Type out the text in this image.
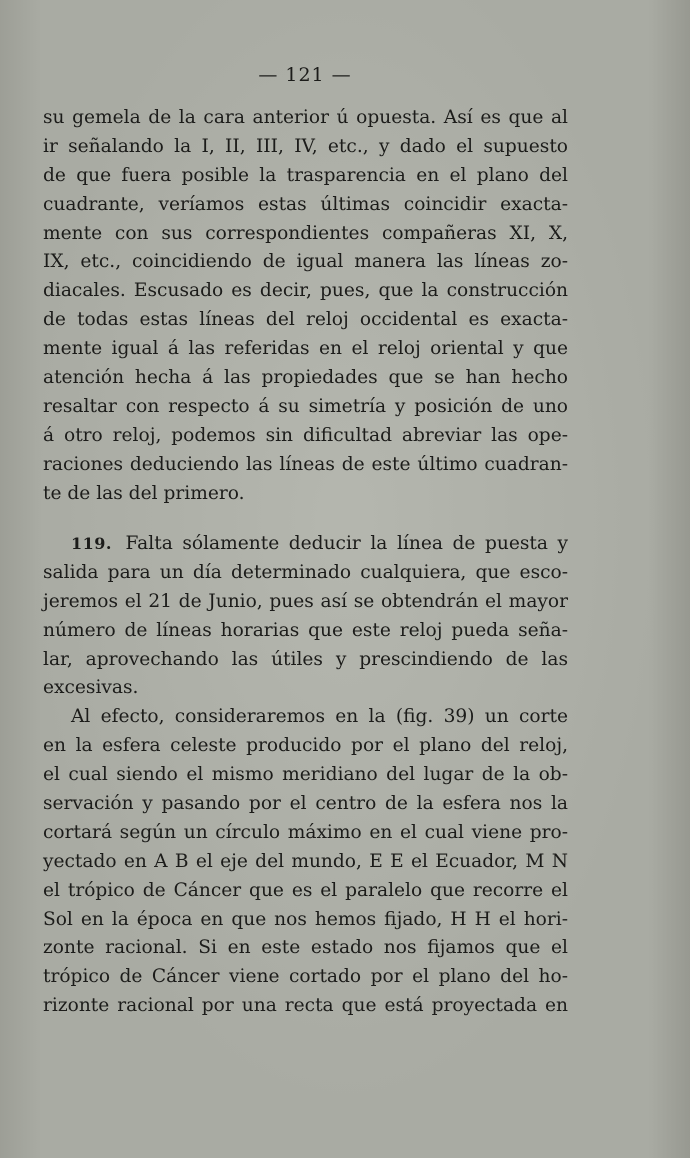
— 121 —
su gemela de la cara anterior ú opuesta. Así es que al
ir señalando la I, II, III, IV, etc., y dado el supuesto
de que fuera posible la trasparencia en el plano del
cuadrante, veríamos estas últimas coincidir exacta-
mente con sus correspondientes compañeras XI, X,
IX, etc., coincidiendo de igual manera las líneas zo-
diacales. Escusado es decir, pues, que la construcción
de todas estas líneas del reloj occidental es exacta-
mente igual á las referidas en el reloj oriental y que
atención hecha á las propiedades que se han hecho
resaltar con respecto á su simetría y posición de uno
á otro reloj, podemos sin dificultad abreviar las ope-
raciones deduciendo las líneas de este último cuadran-
te de las del primero.
119. Falta sólamente deducir la línea de puesta y
salida para un día determinado cualquiera, que esco-
jeremos el 21 de Junio, pues así se obtendrán el mayor
número de líneas horarias que este reloj pueda seña-
lar, aprovechando las útiles y prescindiendo de las
excesivas.
Al efecto, consideraremos en la (fig. 39) un corte
en la esfera celeste producido por el plano del reloj,
el cual siendo el mismo meridiano del lugar de la ob-
servación y pasando por el centro de la esfera nos la
cortará según un círculo máximo en el cual viene pro-
yectado en A B el eje del mundo, E E el Ecuador, M N
el trópico de Cáncer que es el paralelo que recorre el
Sol en la época en que nos hemos fijado, H H el hori-
zonte racional. Si en este estado nos fijamos que el
trópico de Cáncer viene cortado por el plano del ho-
rizonte racional por una recta que está proyectada en
